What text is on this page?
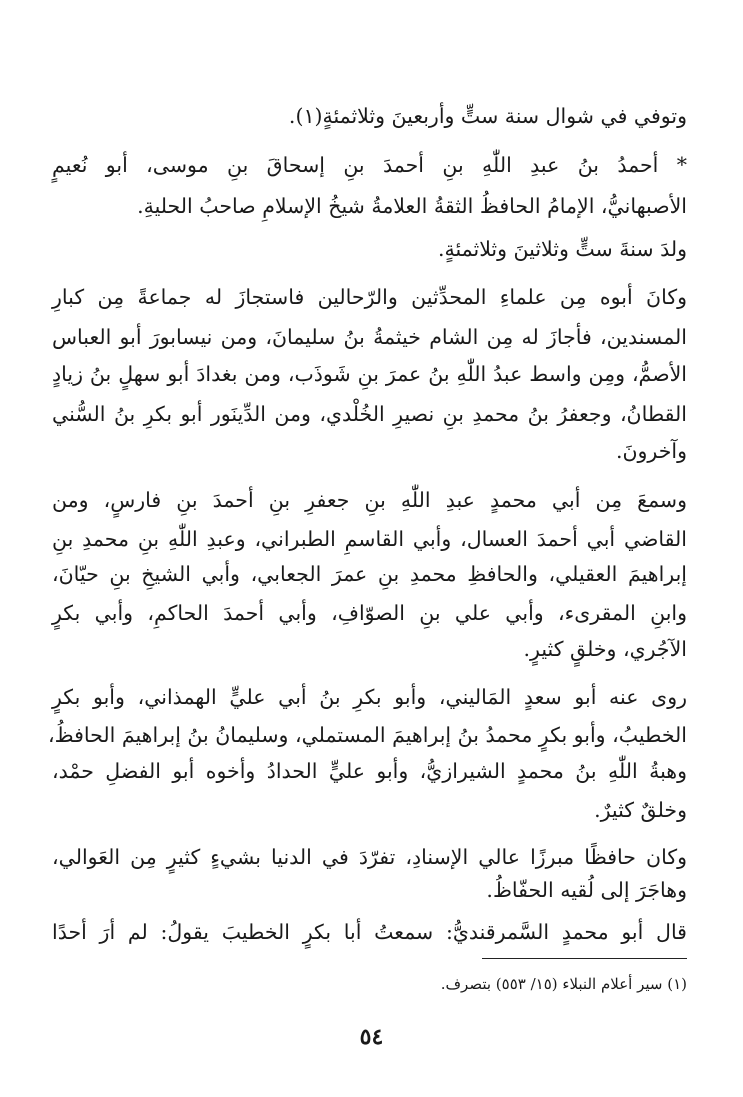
وتوفي في شوال سنة ستٍّ وأربعينَ وثلاثمئةٍ(١).
* أحمدُ بنُ عبدِ اللّٰهِ بنِ أحمدَ بنِ إسحاقَ بنِ موسى، أبو نُعيمٍ
الأصبهانيُّ، الإمامُ الحافظُ الثقةُ العلامةُ شيخُ الإسلامِ صاحبُ الحليةِ.
ولدَ سنةَ ستٍّ وثلاثينَ وثلاثمئةٍ.
وكانَ أبوه مِن علماءِ المحدِّثين والرّحالين فاستجازَ له جماعةً مِن كبارِ
المسندين، فأجازَ له مِن الشام خيثمةُ بنُ سليمانَ، ومن نيسابورَ أبو العباس
الأصمُّ، ومِن واسط عبدُ اللّٰهِ بنُ عمرَ بنِ شَوذَب، ومن بغدادَ أبو سهلٍ بنُ زيادٍ
القطانُ، وجعفرُ بنُ محمدِ بنِ نصيرِ الخُلْدي، ومن الدِّينَور أبو بكرِ بنُ السُّني
وآخرونَ.
وسمعَ مِن أبي محمدٍ عبدِ اللّٰهِ بنِ جعفرِ بنِ أحمدَ بنِ فارسٍ، ومن
القاضي أبي أحمدَ العسال، وأبي القاسمِ الطبراني، وعبدِ اللّٰهِ بنِ محمدِ بنِ
إبراهيمَ العقيلي، والحافظِ محمدِ بنِ عمرَ الجعابي، وأبي الشيخِ بنِ حيّانَ،
وابنِ المقرىء، وأبي علي بنِ الصوّافِ، وأبي أحمدَ الحاكمِ، وأبي بكرٍ
الآجُري، وخلقٍ كثيرٍ.
روى عنه أبو سعدٍ المَاليني، وأبو بكرِ بنُ أبي عليٍّ الهمذاني، وأبو بكرٍ
الخطيبُ، وأبو بكرٍ محمدُ بنُ إبراهيمَ المستملي، وسليمانُ بنُ إبراهيمَ الحافظُ،
وهبةُ اللّٰهِ بنُ محمدٍ الشيرازيُّ، وأبو عليٍّ الحدادُ وأخوه أبو الفضلِ حمْد،
وخلقٌ كثيرٌ.
وكان حافظًا مبرزًا عالي الإسنادِ، تفرّدَ في الدنيا بشيءٍ كثيرٍ مِن العَوالي،
وهاجَرَ إلى لُقيه الحفّاظُ.
قال أبو محمدٍ السَّمرقنديُّ: سمعتُ أبا بكرٍ الخطيبَ يقولُ: لم أرَ أحدًا
(١) سير أعلام النبلاء (١٥/ ٥٥٣) بتصرف.
٥٤
